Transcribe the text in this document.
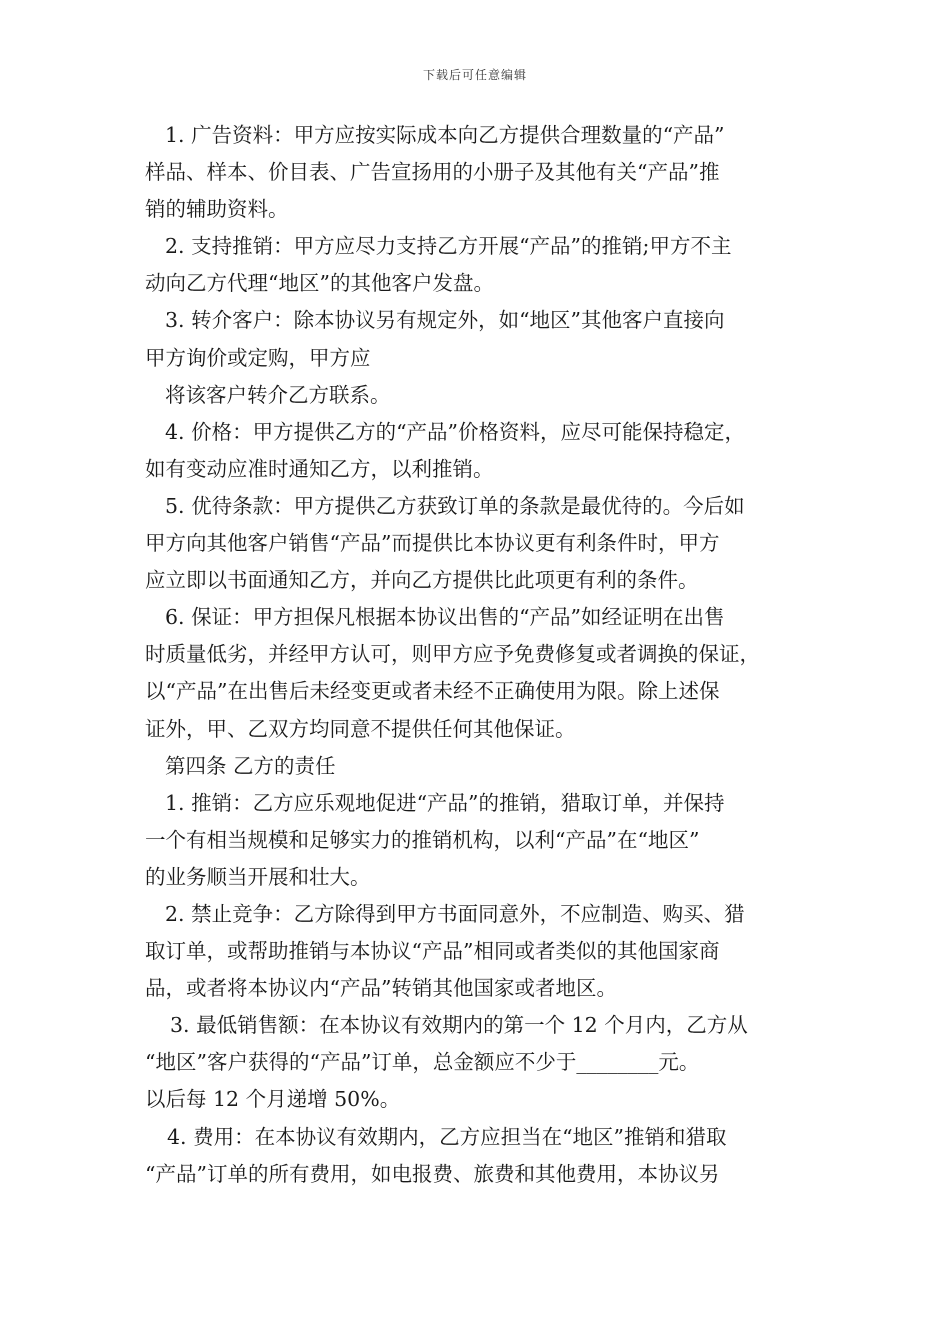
下载后可任意编辑
1. 广告资料：甲方应按实际成本向乙方提供合理数量的“产品”
样品、样本、价目表、广告宣扬用的小册子及其他有关“产品”推
销的辅助资料。
2. 支持推销：甲方应尽力支持乙方开展“产品”的推销;甲方不主
动向乙方代理“地区”的其他客户发盘。
3. 转介客户：除本协议另有规定外，如“地区”其他客户直接向
甲方询价或定购，甲方应
将该客户转介乙方联系。
4. 价格：甲方提供乙方的“产品”价格资料，应尽可能保持稳定，
如有变动应准时通知乙方，以利推销。
5. 优待条款：甲方提供乙方获致订单的条款是最优待的。今后如
甲方向其他客户销售“产品”而提供比本协议更有利条件时，甲方
应立即以书面通知乙方，并向乙方提供比此项更有利的条件。
6. 保证：甲方担保凡根据本协议出售的“产品”如经证明在出售
时质量低劣，并经甲方认可，则甲方应予免费修复或者调换的保证，
以“产品”在出售后未经变更或者未经不正确使用为限。除上述保
证外，甲、乙双方均同意不提供任何其他保证。
第四条 乙方的责任
1. 推销：乙方应乐观地促进“产品”的推销，猎取订单，并保持
一个有相当规模和足够实力的推销机构，以利“产品”在“地区”
的业务顺当开展和壮大。
2. 禁止竞争：乙方除得到甲方书面同意外，不应制造、购买、猎
取订单，或帮助推销与本协议“产品”相同或者类似的其他国家商
品，或者将本协议内“产品”转销其他国家或者地区。
3. 最低销售额：在本协议有效期内的第一个 12 个月内，乙方从
“地区”客户获得的“产品”订单，总金额应不少于________元。
以后每 12 个月递增 50%。
4. 费用：在本协议有效期内，乙方应担当在“地区”推销和猎取
“产品”订单的所有费用，如电报费、旅费和其他费用，本协议另
